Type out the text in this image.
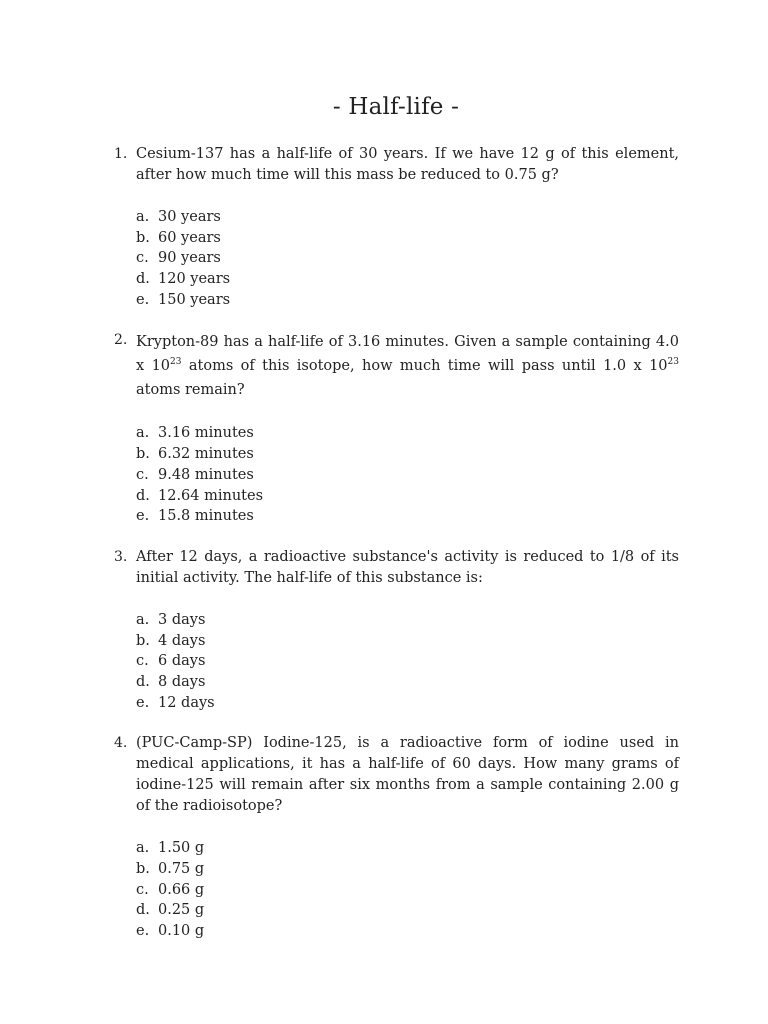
- Half-life -
1. Cesium-137 has a half-life of 30 years. If we have 12 g of this element, after how much time will this mass be reduced to 0.75 g?

a. 30 years
b. 60 years
c. 90 years
d. 120 years
e. 150 years
2. Krypton-89 has a half-life of 3.16 minutes. Given a sample containing 4.0 x $10^{23}$ atoms of this isotope, how much time will pass until 1.0 x $10^{23}$ atoms remain?

a. 3.16 minutes
b. 6.32 minutes
c. 9.48 minutes
d. 12.64 minutes
e. 15.8 minutes
3. After 12 days, a radioactive substance's activity is reduced to 1/8 of its initial activity. The half-life of this substance is:

a. 3 days
b. 4 days
c. 6 days
d. 8 days
e. 12 days
4. (PUC-Camp-SP) Iodine-125, is a radioactive form of iodine used in medical applications, it has a half-life of 60 days. How many grams of iodine-125 will remain after six months from a sample containing 2.00 g of the radioisotope?

a. 1.50 g
b. 0.75 g
c. 0.66 g
d. 0.25 g
e. 0.10 g
